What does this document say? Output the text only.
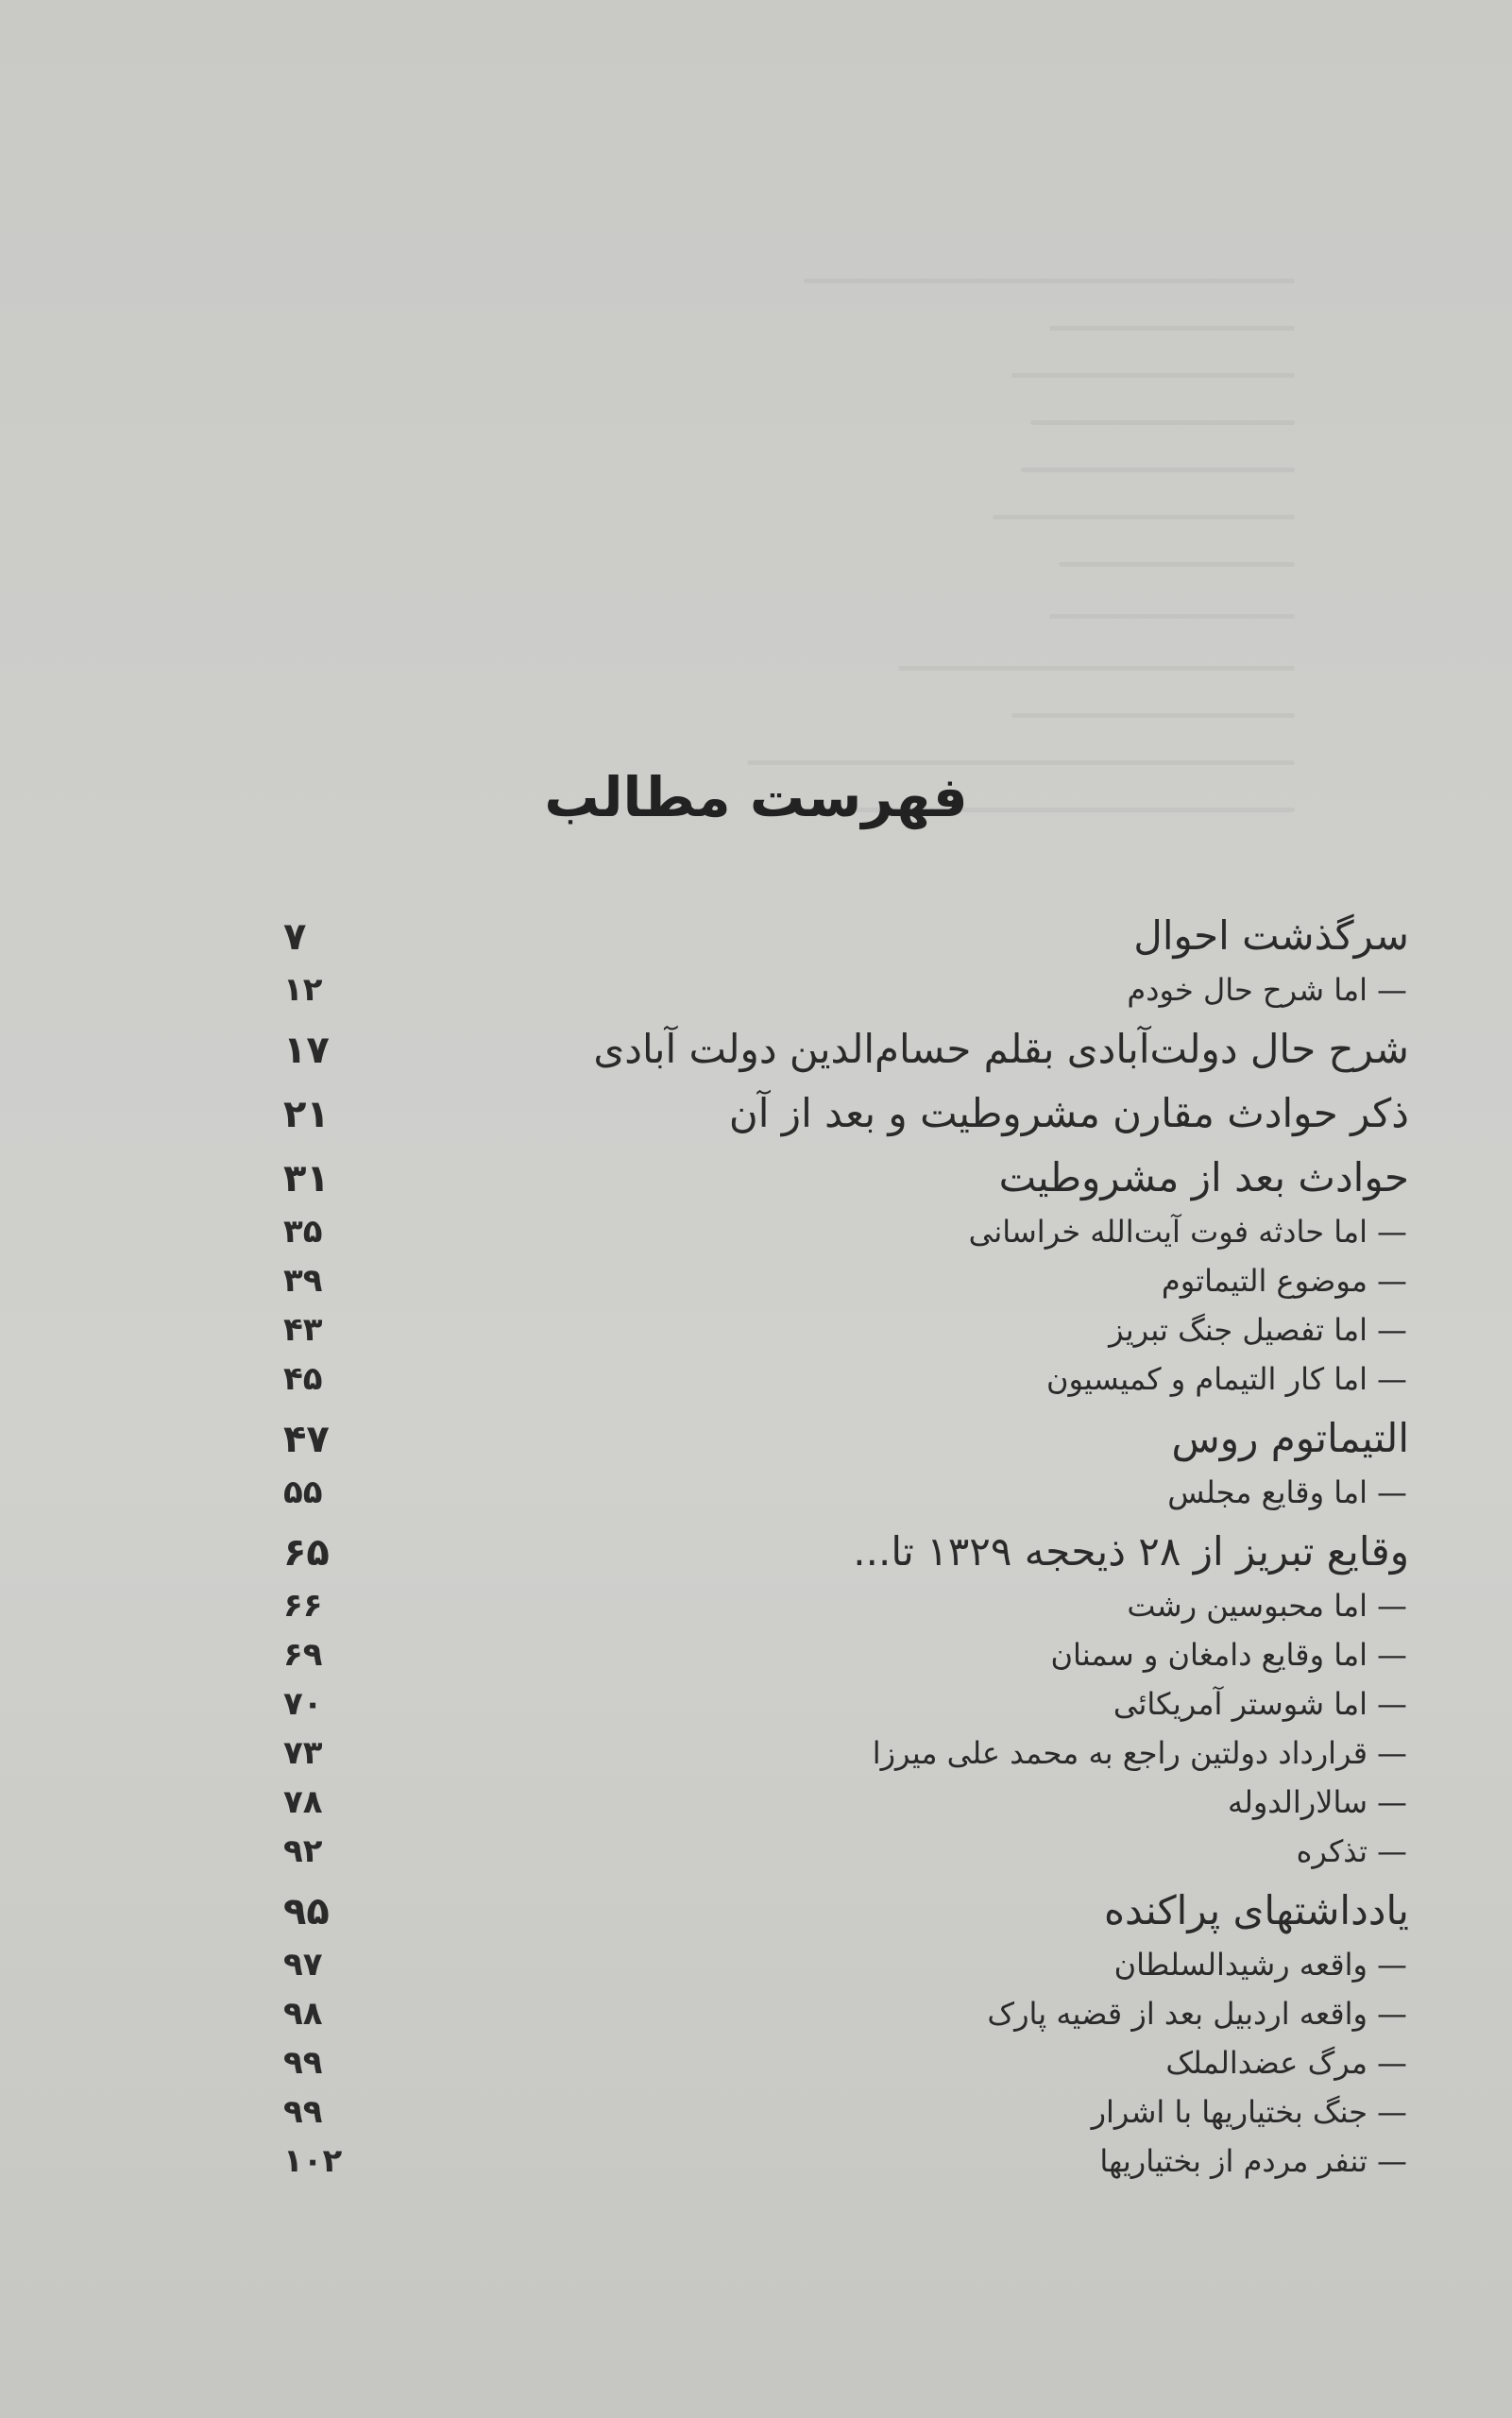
فهرست مطالب
سرگذشت احوال
۷
—اما شرح حال خودم
۱۲
شرح حال دولت‌آبادی بقلم حسام‌الدین دولت آبادی
۱۷
ذکر حوادث مقارن مشروطیت و بعد از آن
۲۱
حوادث بعد از مشروطیت
۳۱
—اما حادثه فوت آیت‌الله خراسانی
۳۵
—موضوع التیماتوم
۳۹
—اما تفصیل جنگ تبریز
۴۳
—اما کار التیمام و کمیسیون
۴۵
التیماتوم روس
۴۷
—اما وقایع مجلس
۵۵
وقایع تبریز از ۲۸ ذیحجه ۱۳۲۹ تا...
۶۵
—اما محبوسین رشت
۶۶
—اما وقایع دامغان و سمنان
۶۹
—اما شوستر آمریکائی
۷۰
—قرارداد دولتین راجع به محمد علی میرزا
۷۳
—سالارالدوله
۷۸
—تذکره
۹۲
یادداشتهای پراکنده
۹۵
—واقعه رشیدالسلطان
۹۷
—واقعه اردبیل بعد از قضیه پارک
۹۸
—مرگ عضدالملک
۹۹
—جنگ بختیاریها با اشرار
۹۹
—تنفر مردم از بختیاریها
۱۰۲
